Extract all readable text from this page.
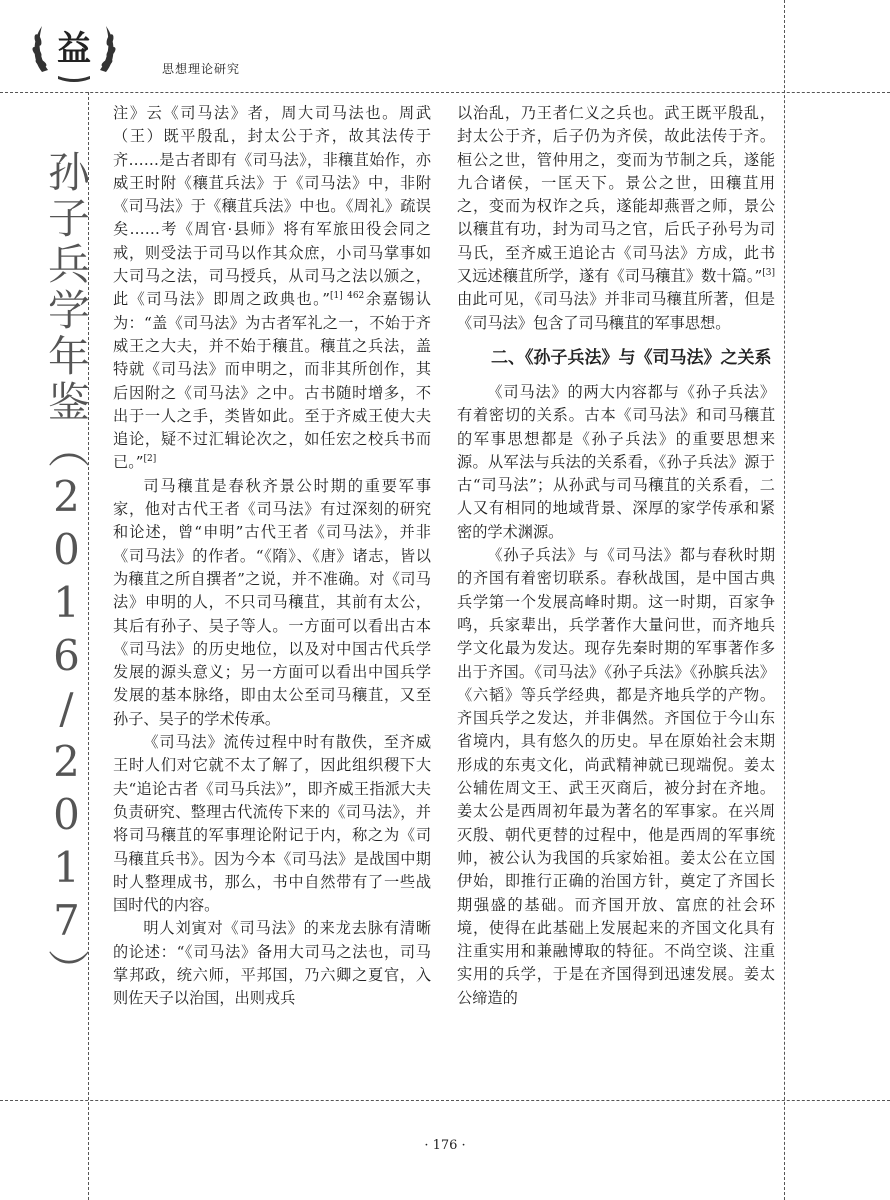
益	思想理论研究
孙子兵学年鉴（2016/2017）

注》云《司马法》者，周大司马法也。周武（王）既平殷乱，封太公于齐，故其法传于齐……是古者即有《司马法》，非穰苴始作，亦威王时附《穰苴兵法》于《司马法》中，非附《司马法》于《穰苴兵法》中也。《周礼》疏误矣……考《周官·县师》将有军旅田役会同之戒，则受法于司马以作其众庶，小司马掌事如大司马之法，司马授兵，从司马之法以颁之，此《司马法》即周之政典也。”$^{[1] 462}$余嘉锡认为：“盖《司马法》为古者军礼之一，不始于齐威王之大夫，并不始于穰苴。穰苴之兵法，盖特就《司马法》而申明之，而非其所创作，其后因附之《司马法》之中。古书随时增多，不出于一人之手，类皆如此。至于齐威王使大夫追论，疑不过汇辑论次之，如任宏之校兵书而已。”[2]

司马穰苴是春秋齐景公时期的重要军事家，他对古代王者《司马法》有过深刻的研究和论述，曾“申明”古代王者《司马法》，并非《司马法》的作者。“《隋》、《唐》诸志，皆以为穰苴之所自撰者”之说，并不准确。对《司马法》申明的人，不只司马穰苴，其前有太公，其后有孙子、吴子等人。一方面可以看出古本《司马法》的历史地位，以及对中国古代兵学发展的源头意义；另一方面可以看出中国兵学发展的基本脉络，即由太公至司马穰苴，又至孙子、吴子的学术传承。

《司马法》流传过程中时有散佚，至齐威王时人们对它就不太了解了，因此组织稷下大夫“追论古者《司马兵法》”，即齐威王指派大夫负责研究、整理古代流传下来的《司马法》，并将司马穰苴的军事理论附记于内，称之为《司马穰苴兵书》。因为今本《司马法》是战国中期时人整理成书，那么，书中自然带有了一些战国时代的内容。

明人刘寅对《司马法》的来龙去脉有清晰的论述：“《司马法》备用大司马之法也，司马掌邦政，统六师，平邦国，乃六卿之夏官，入则佐天子以治国，出则戎兵

以治乱，乃王者仁义之兵也。武王既平殷乱，封太公于齐，后子仍为齐侯，故此法传于齐。桓公之世，管仲用之，变而为节制之兵，遂能九合诸侯，一匡天下。景公之世，田穰苴用之，变而为权诈之兵，遂能却燕晋之师，景公以穰苴有功，封为司马之官，后氏子孙号为司马氏，至齐威王追论古《司马法》方成，此书又远述穰苴所学，遂有《司马穰苴》数十篇。”[3]由此可见，《司马法》并非司马穰苴所著，但是《司马法》包含了司马穰苴的军事思想。

二、《孙子兵法》与《司马法》之关系

《司马法》的两大内容都与《孙子兵法》有着密切的关系。古本《司马法》和司马穰苴的军事思想都是《孙子兵法》的重要思想来源。从军法与兵法的关系看，《孙子兵法》源于古“司马法”；从孙武与司马穰苴的关系看，二人又有相同的地域背景、深厚的家学传承和紧密的学术渊源。

《孙子兵法》与《司马法》都与春秋时期的齐国有着密切联系。春秋战国，是中国古典兵学第一个发展高峰时期。这一时期，百家争鸣，兵家辈出，兵学著作大量问世，而齐地兵学文化最为发达。现存先秦时期的军事著作多出于齐国。《司马法》《孙子兵法》《孙膑兵法》《六韬》等兵学经典，都是齐地兵学的产物。齐国兵学之发达，并非偶然。齐国位于今山东省境内，具有悠久的历史。早在原始社会末期形成的东夷文化，尚武精神就已现端倪。姜太公辅佐周文王、武王灭商后，被分封在齐地。姜太公是西周初年最为著名的军事家。在兴周灭殷、朝代更替的过程中，他是西周的军事统帅，被公认为我国的兵家始祖。姜太公在立国伊始，即推行正确的治国方针，奠定了齐国长期强盛的基础。而齐国开放、富庶的社会环境，使得在此基础上发展起来的齐国文化具有注重实用和兼融博取的特征。不尚空谈、注重实用的兵学，于是在齐国得到迅速发展。姜太公缔造的

· 176 ·
